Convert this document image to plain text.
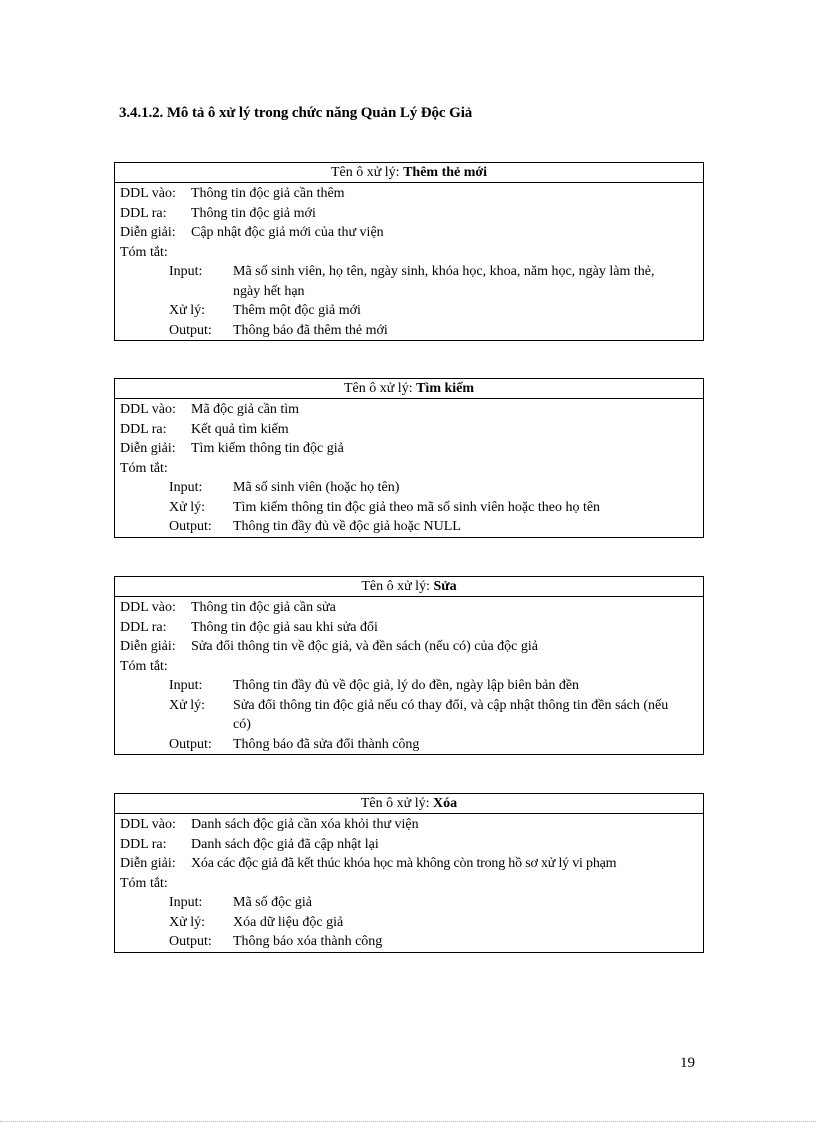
3.4.1.2. Mô tả ô xử lý trong chức năng Quản Lý Độc Giả
Tên ô xử lý: Thêm thẻ mới
DDL vào:	Thông tin độc giả cần thêm
DDL ra:	Thông tin độc giả mới
Diễn giải:	Cập nhật độc giả mới của thư viện
Tóm tắt:
Input:	Mã số sinh viên, họ tên, ngày sinh, khóa học, khoa, năm học, ngày làm thẻ, ngày hết hạn
Xử lý:	Thêm một độc giả mới
Output:	Thông báo đã thêm thẻ mới
Tên ô xử lý: Tìm kiếm
DDL vào:	Mã độc giả cần tìm
DDL ra:	Kết quả tìm kiếm
Diễn giải:	Tìm kiếm thông tin độc giả
Tóm tắt:
Input:	Mã số sinh viên (hoặc họ tên)
Xử lý:	Tìm kiếm thông tin độc giả theo mã số sinh viên hoặc theo họ tên
Output:	Thông tin đầy đủ về độc giả hoặc NULL
Tên ô xử lý: Sửa
DDL vào:	Thông tin độc giả cần sửa
DDL ra:	Thông tin độc giả sau khi sửa đổi
Diễn giải:	Sửa đổi thông tin về độc giả, và đền sách (nếu có) của độc giả
Tóm tắt:
Input:	Thông tin đầy đủ về độc giả, lý do đền, ngày lập biên bản đền
Xử lý:	Sửa đổi thông tin độc giả nếu có thay đổi, và cập nhật thông tin đền sách (nếu có)
Output:	Thông báo đã sửa đổi thành công
Tên ô xử lý: Xóa
DDL vào:	Danh sách độc giả cần xóa khỏi thư viện
DDL ra:	Danh sách độc giả đã cập nhật lại
Diễn giải:	Xóa các độc giả đã kết thúc khóa học mà không còn trong hồ sơ xử lý vi phạm
Tóm tắt:
Input:	Mã số độc giả
Xử lý:	Xóa dữ liệu độc giả
Output:	Thông báo xóa thành công
19
